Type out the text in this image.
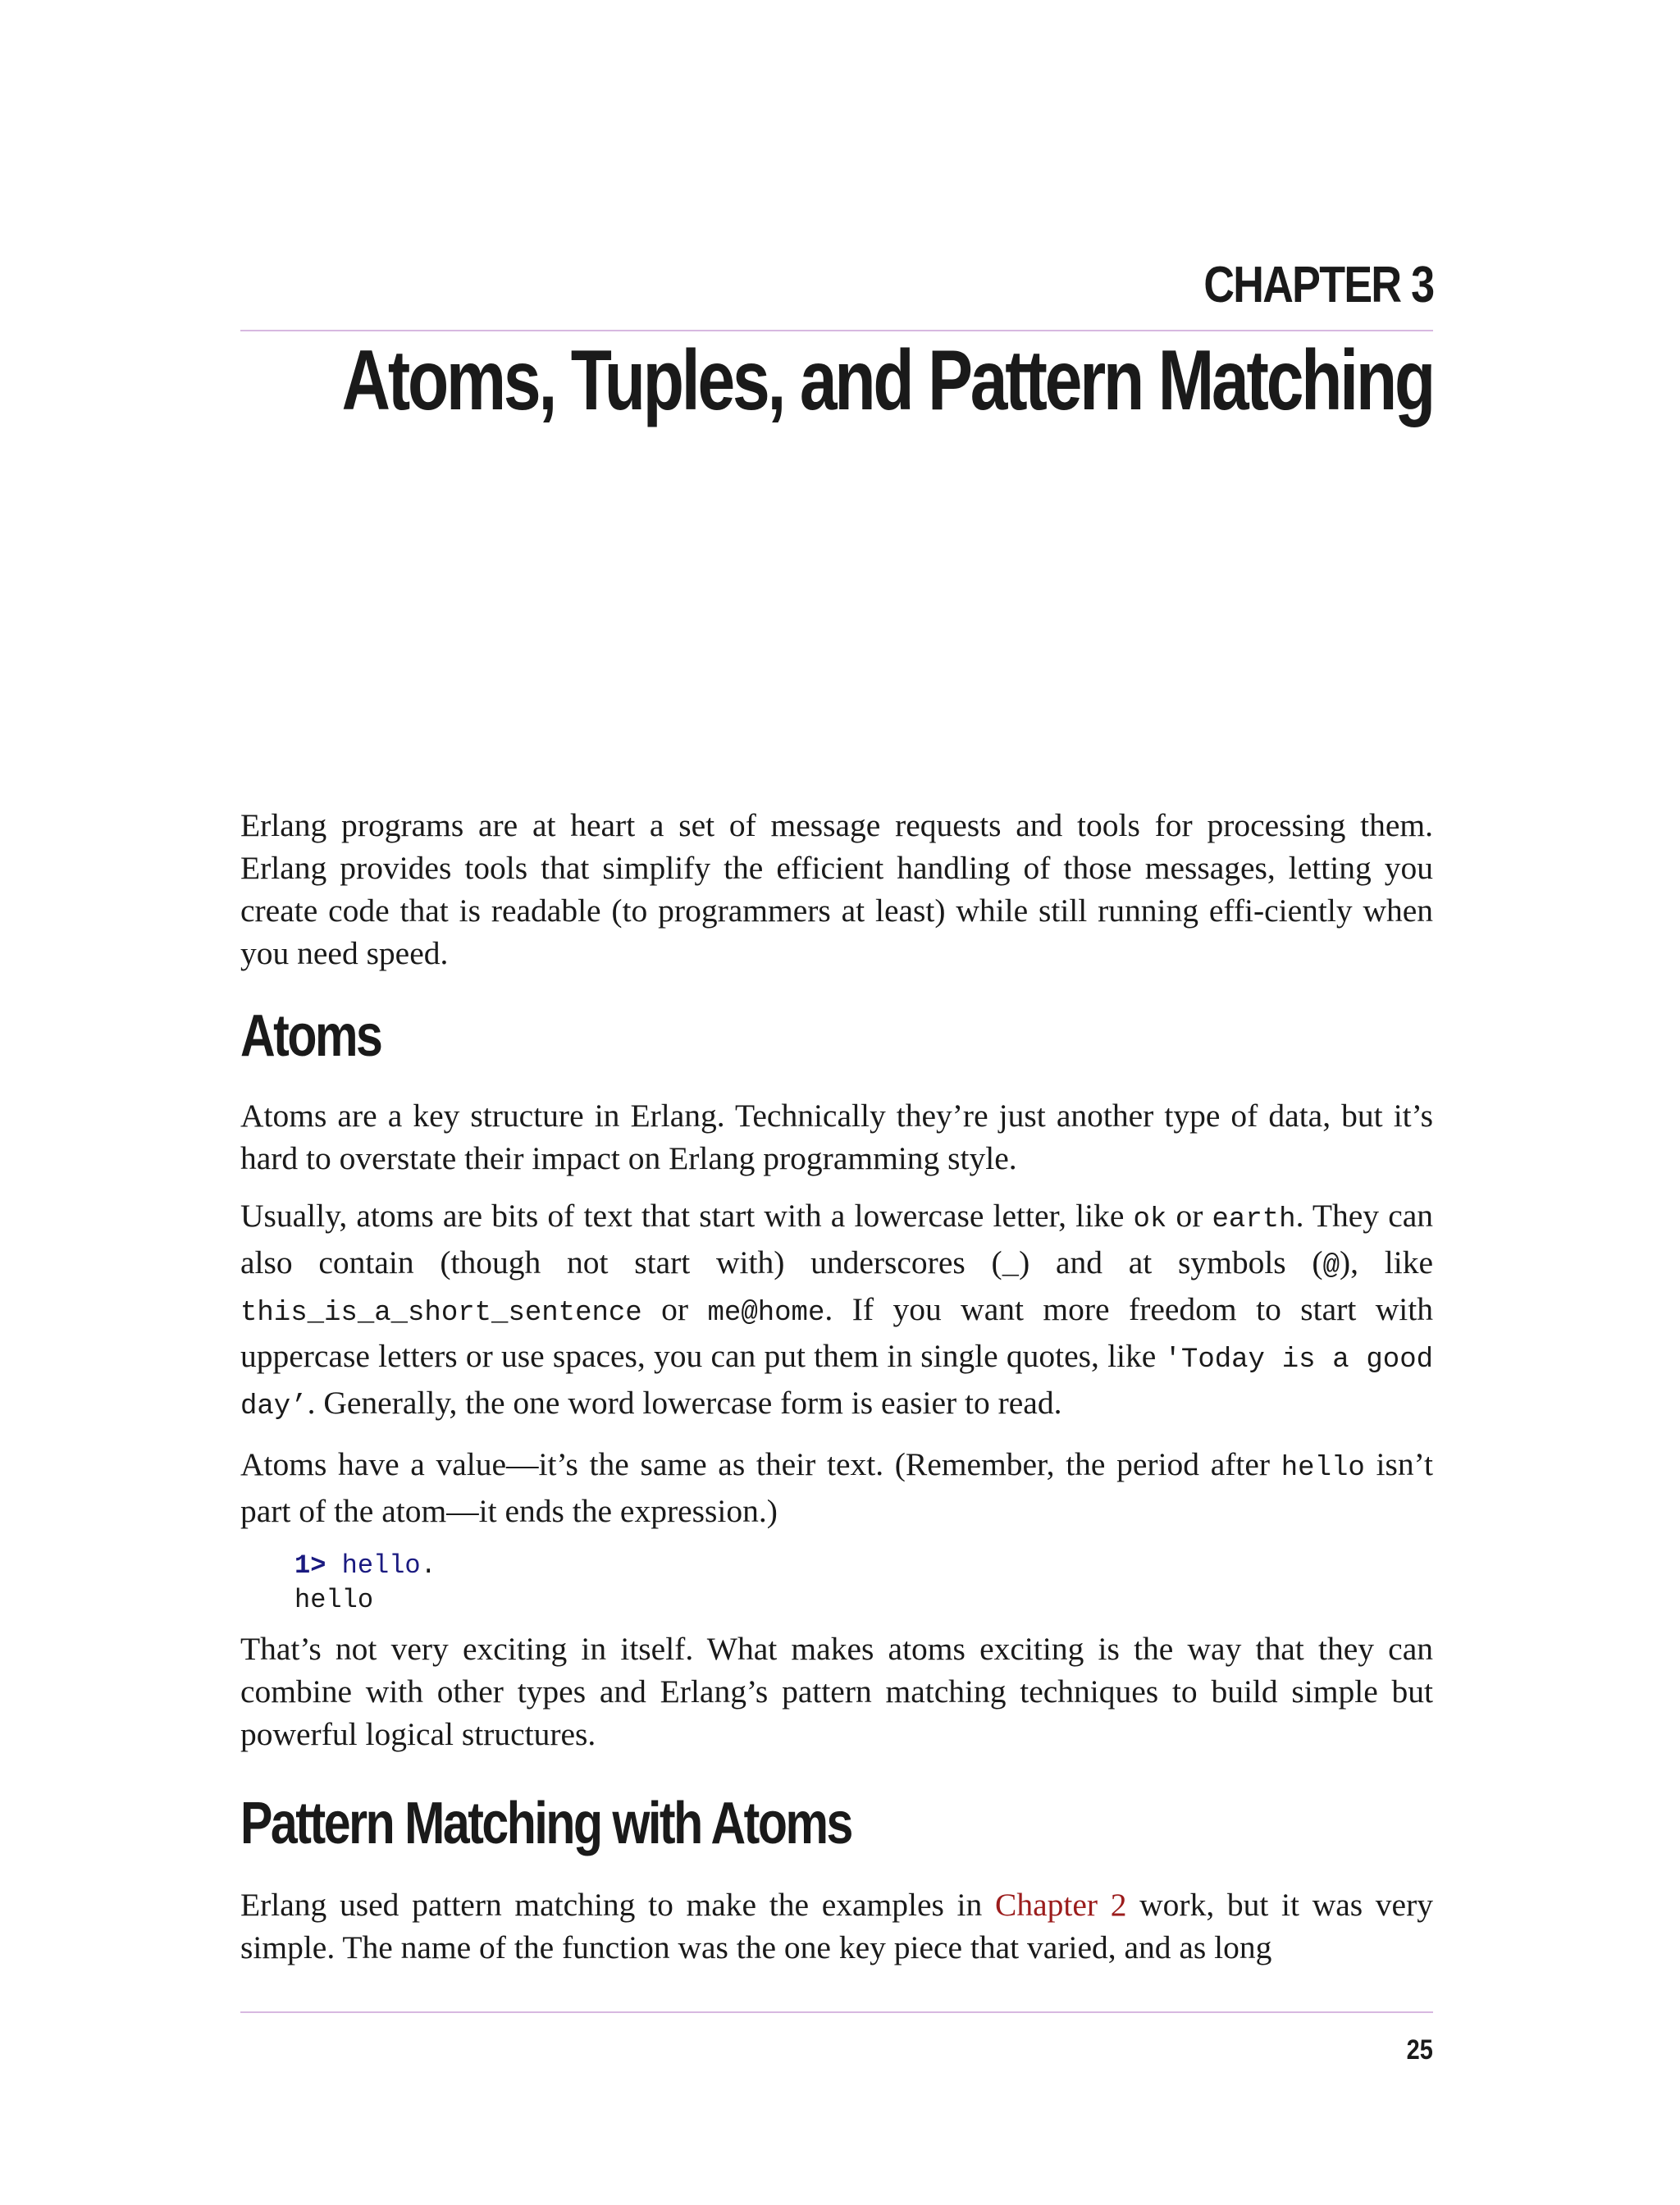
CHAPTER 3
Atoms, Tuples, and Pattern Matching

Erlang programs are at heart a set of message requests and tools for processing them. Erlang provides tools that simplify the efficient handling of those messages, letting you create code that is readable (to programmers at least) while still running effi-ciently when you need speed.

Atoms

Atoms are a key structure in Erlang. Technically they’re just another type of data, but it’s hard to overstate their impact on Erlang programming style.

Usually, atoms are bits of text that start with a lowercase letter, like ok or earth. They can also contain (though not start with) underscores (_) and at symbols (@), like this_is_a_short_sentence or me@home. If you want more freedom to start with uppercase letters or use spaces, you can put them in single quotes, like 'Today is a good day’. Generally, the one word lowercase form is easier to read.

Atoms have a value—it’s the same as their text. (Remember, the period after hello isn’t part of the atom—it ends the expression.)

1> hello.
hello

That’s not very exciting in itself. What makes atoms exciting is the way that they can combine with other types and Erlang’s pattern matching techniques to build simple but powerful logical structures.

Pattern Matching with Atoms

Erlang used pattern matching to make the examples in Chapter 2 work, but it was very simple. The name of the function was the one key piece that varied, and as long

25
